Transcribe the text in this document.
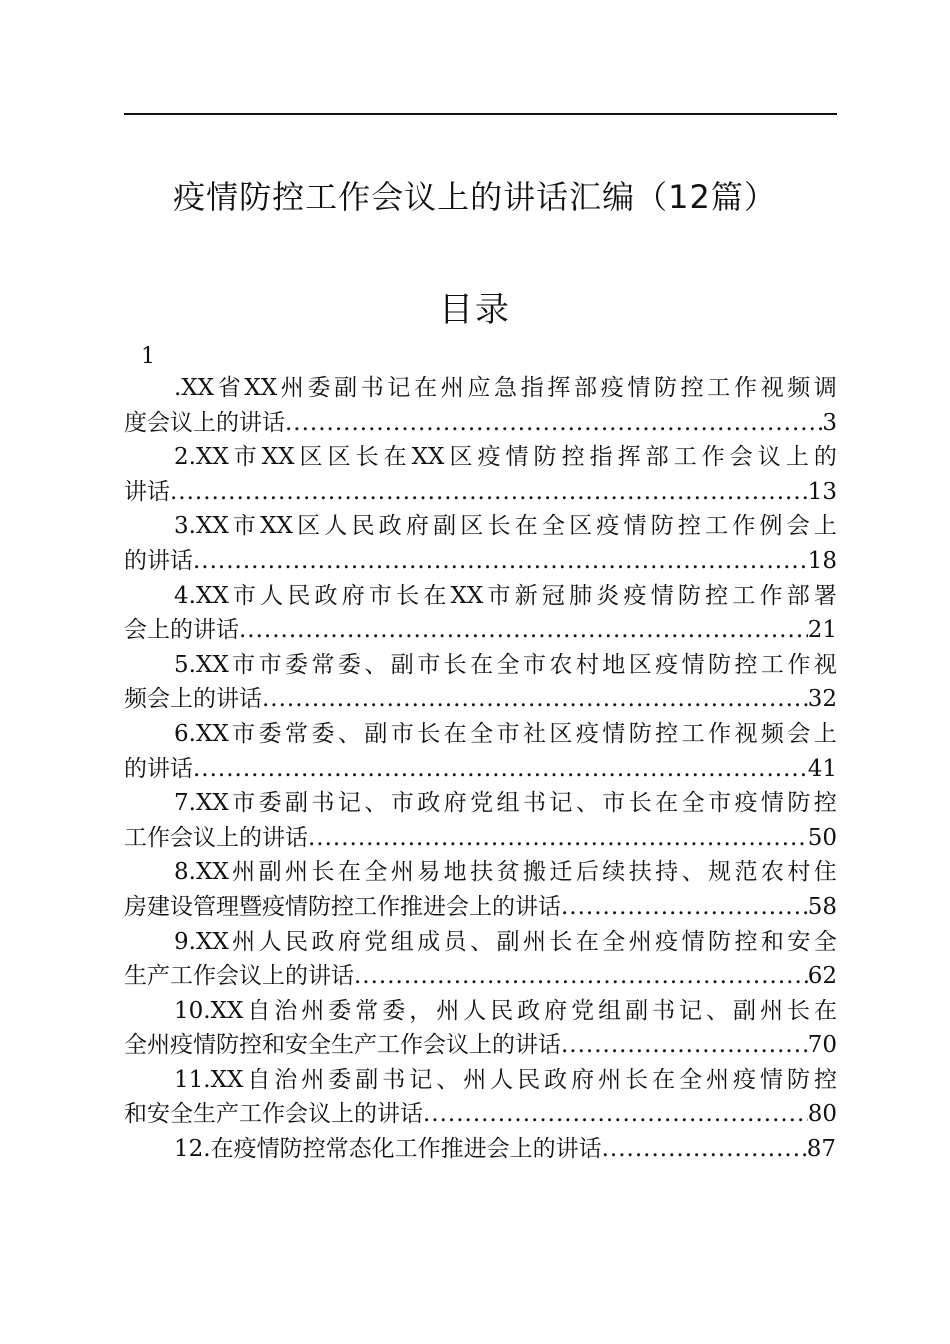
疫情防控工作会议上的讲话汇编（12篇）
目录
1
.XX 省 XX 州 委 副 书 记 在 州 应 急 指 挥 部 疫 情 防 控 工 作 视 频 调
度会议上的讲话 .....	3
2.XX 市 XX 区 区 长 在 XX 区 疫 情 防 控 指 挥 部 工 作 会 议 上 的
讲话 .....	13
3.XX 市 XX 区 人 民 政 府 副 区 长 在 全 区 疫 情 防 控 工 作 例 会 上
的讲话 .....	18
4.XX 市 人 民 政 府 市 长 在 XX 市 新 冠 肺 炎 疫 情 防 控 工 作 部 署
会上的讲话 .....	21
5.XX 市 市 委 常 委 、 副 市 长 在 全 市 农 村 地 区 疫 情 防 控 工 作 视
频会上的讲话 .....	32
6.XX 市 委 常 委 、 副 市 长 在 全 市 社 区 疫 情 防 控 工 作 视 频 会 上
的讲话 .....	41
7.XX 市 委 副 书 记 、 市 政 府 党 组 书 记 、 市 长 在 全 市 疫 情 防 控
工作会议上的讲话 .....	50
8.XX 州 副 州 长 在 全 州 易 地 扶 贫 搬 迁 后 续 扶 持 、 规 范 农 村 住
房建设管理暨疫情防控工作推进会上的讲话 .....	58
9.XX 州 人 民 政 府 党 组 成 员 、 副 州 长 在 全 州 疫 情 防 控 和 安 全
生产工作会议上的讲话 .....	62
10.XX 自 治 州 委 常 委 ， 州 人 民 政 府 党 组 副 书 记 、 副 州 长 在
全州疫情防控和安全生产工作会议上的讲话 .....	70
11.XX 自 治 州 委 副 书 记 、 州 人 民 政 府 州 长 在 全 州 疫 情 防 控
和安全生产工作会议上的讲话 .....	80
12.在疫情防控常态化工作推进会上的讲话 .....	87
